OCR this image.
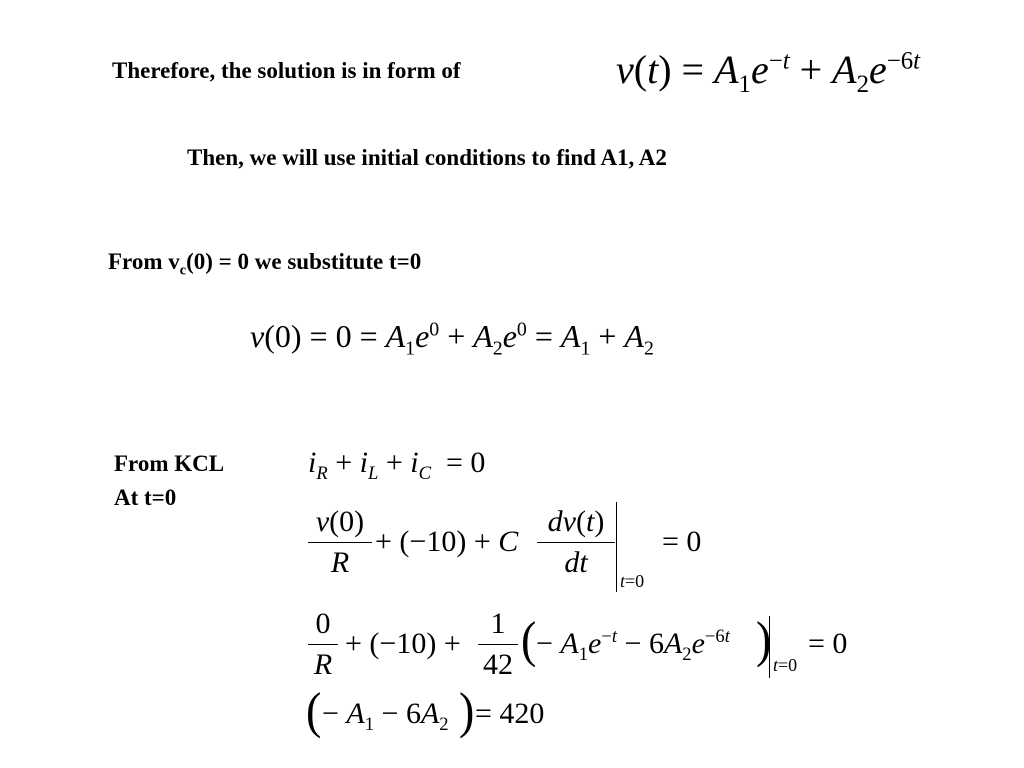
Therefore, the solution is in form of
Then, we will use initial conditions to find A1, A2
From $v_c(0) = 0$ we substitute t=0
From KCL
At t=0
$v(t) = A_1e^{-t} + A_2e^{-6t}$
$v(0) = 0 = A_1e^0 + A_2e^0 = A_1 + A_2$
$i_R + i_L + i_C = 0$
v(0)
R
+ (−10) + C
dv(t)
dt
t=0
= 0
0
R
+ (−10) +
1
42 ( − $A_1e^{-t} - 6A_2e^{-6t}$ ) t=0
= 0
( − $A_1 - 6A_2$ ) = 420
